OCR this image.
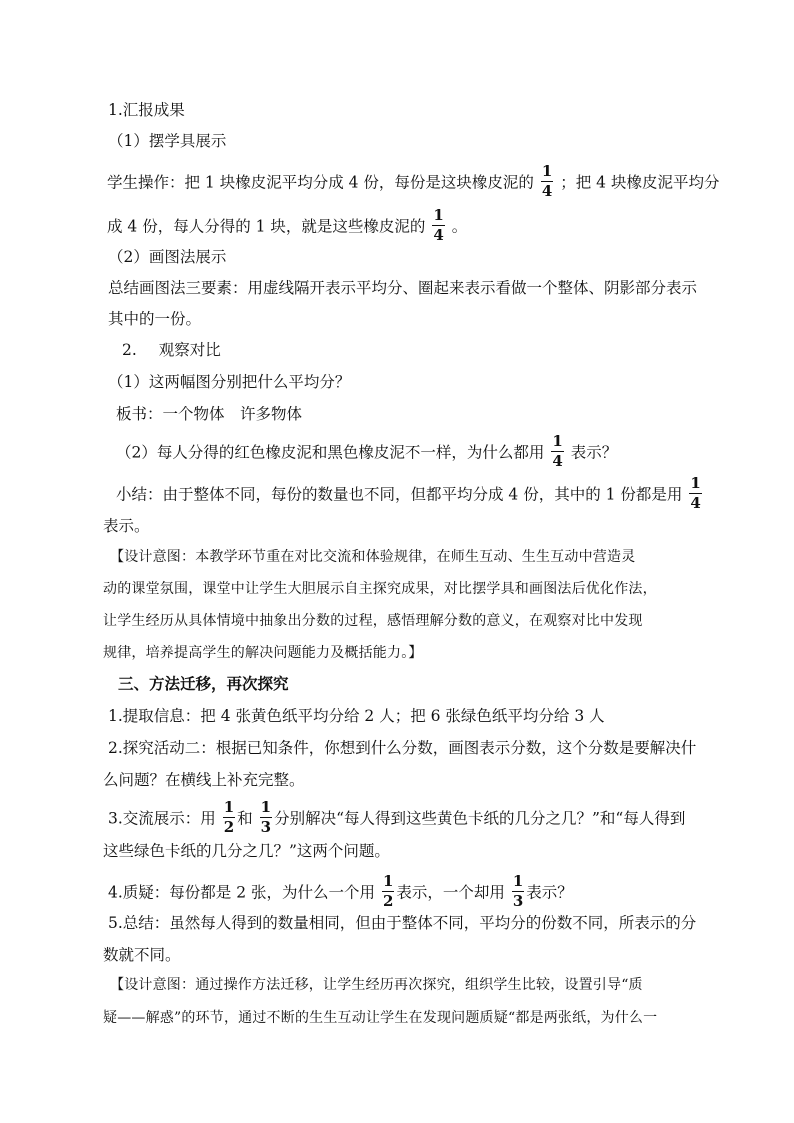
1.汇报成果
（1）摆学具展示
学生操作：把 1 块橡皮泥平均分成 4 份，每份是这块橡皮泥的 $\frac{1}{4}$ ；把 4 块橡皮泥平均分
成 4 份，每人分得的 1 块，就是这些橡皮泥的 $\frac{1}{4}$ 。
（2）画图法展示
总结画图法三要素：用虚线隔开表示平均分、圈起来表示看做一个整体、阴影部分表示
其中的一份。
2. 观察对比
（1）这两幅图分别把什么平均分？
板书：一个物体　许多物体
（2）每人分得的红色橡皮泥和黑色橡皮泥不一样，为什么都用 $\frac{1}{4}$ 表示？
小结：由于整体不同，每份的数量也不同，但都平均分成 4 份，其中的 1 份都是用 $\frac{1}{4}$
表示。
【设计意图：本教学环节重在对比交流和体验规律，在师生互动、生生互动中营造灵
动的课堂氛围，课堂中让学生大胆展示自主探究成果，对比摆学具和画图法后优化作法，
让学生经历从具体情境中抽象出分数的过程，感悟理解分数的意义，在观察对比中发现
规律，培养提高学生的解决问题能力及概括能力。】
三、方法迁移，再次探究
1.提取信息：把 4 张黄色纸平均分给 2 人；把 6 张绿色纸平均分给 3 人
2.探究活动二：根据已知条件，你想到什么分数，画图表示分数，这个分数是要解决什
么问题？在横线上补充完整。
3.交流展示：用 $\frac{1}{2}$ 和 $\frac{1}{3}$ 分别解决“每人得到这些黄色卡纸的几分之几？”和“每人得到
这些绿色卡纸的几分之几？”这两个问题。
4.质疑：每份都是 2 张，为什么一个用 $\frac{1}{2}$ 表示，一个却用 $\frac{1}{3}$ 表示？
5.总结：虽然每人得到的数量相同，但由于整体不同，平均分的份数不同，所表示的分
数就不同。
【设计意图：通过操作方法迁移，让学生经历再次探究，组织学生比较，设置引导“质
疑——解惑”的环节，通过不断的生生互动让学生在发现问题质疑“都是两张纸，为什么一
